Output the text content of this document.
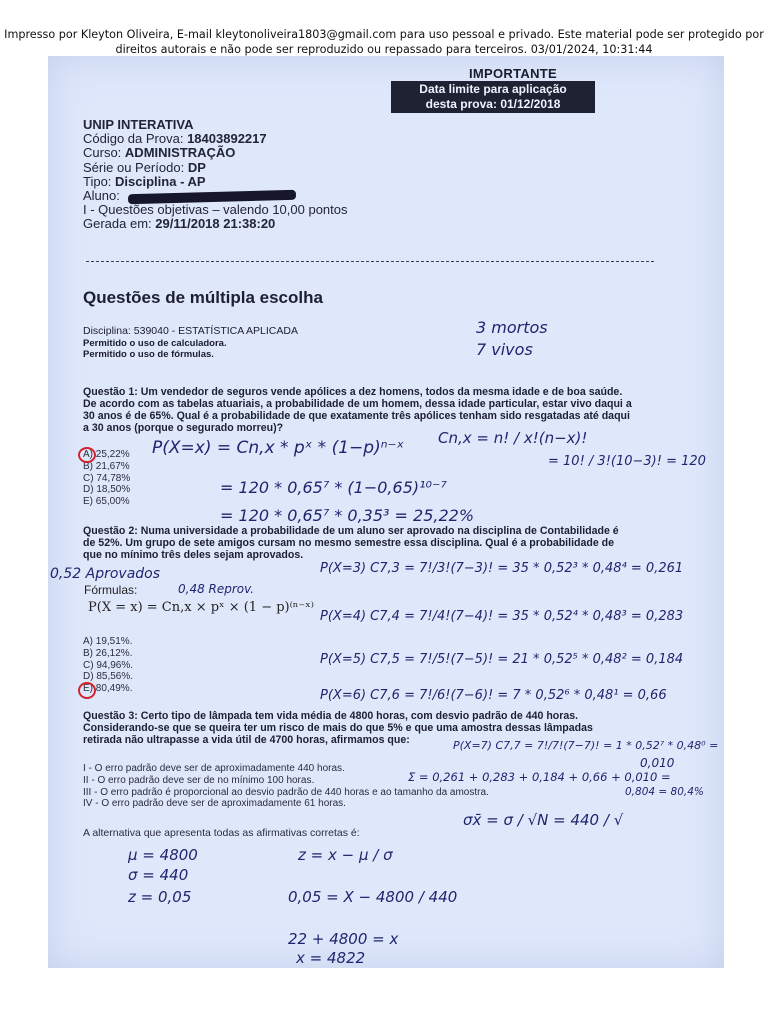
Impresso por Kleyton Oliveira, E-mail kleytonoliveira1803@gmail.com para uso pessoal e privado. Este material pode ser protegido por
direitos autorais e não pode ser reproduzido ou repassado para terceiros. 03/01/2024, 10:31:44
IMPORTANTE
Data limite para aplicação
desta prova: 01/12/2018
UNIP INTERATIVA
Código da Prova: 18403892217
Curso: ADMINISTRAÇÃO
Série ou Período: DP
Tipo: Disciplina - AP
Aluno:
I - Questões objetivas – valendo 10,00 pontos
Gerada em: 29/11/2018 21:38:20
Questões de múltipla escolha
Disciplina: 539040 - ESTATÍSTICA APLICADA
Permitido o uso de calculadora.
Permitido o uso de fórmulas.
3 mortos
7 vivos
Questão 1: Um vendedor de seguros vende apólices a dez homens, todos da mesma idade e de boa saúde.
De acordo com as tabelas atuariais, a probabilidade de um homem, dessa idade particular, estar vivo daqui a
30 anos é de 65%. Qual é a probabilidade de que exatamente três apólices tenham sido resgatadas até daqui
a 30 anos (porque o segurado morreu)?
A) 25,22%
B) 21,67%
C) 74,78%
D) 18,50%
E) 65,00%
P(X=x) = Cn,x * pˣ * (1−p)ⁿ⁻ˣ Cn,x = n! / x!(n−x)!
= 10! / 3!(10−3)! = 120
= 120 * 0,65⁷ * (1−0,65)¹⁰⁻⁷
= 120 * 0,65⁷ * 0,35³ = 25,22%
Questão 2: Numa universidade a probabilidade de um aluno ser aprovado na disciplina de Contabilidade é
de 52%. Um grupo de sete amigos cursam no mesmo semestre essa disciplina. Qual é a probabilidade de
que no mínimo três deles sejam aprovados.
0,52 Aprovados
Fórmulas:	0,48 Reprov.
P(X = x) = Cn,x × pˣ × (1 − p)⁽ⁿ⁻ˣ⁾
P(X=3) C7,3 = 7!/3!(7−3)! = 35 * 0,52³ * 0,48⁴ = 0,261
P(X=4) C7,4 = 7!/4!(7−4)! = 35 * 0,52⁴ * 0,48³ = 0,283
P(X=5) C7,5 = 7!/5!(7−5)! = 21 * 0,52⁵ * 0,48² = 0,184
P(X=6) C7,6 = 7!/6!(7−6)! = 7 * 0,52⁶ * 0,48¹ = 0,66
A) 19,51%.
B) 26,12%.
C) 94,96%.
D) 85,56%.
E) 80,49%.
Questão 3: Certo tipo de lâmpada tem vida média de 4800 horas, com desvio padrão de 440 horas.
Considerando-se que se queira ter um risco de mais do que 5% e que uma amostra dessas lâmpadas
retirada não ultrapasse a vida útil de 4700 horas, afirmamos que:	P(X=7) C7,7 = 7!/7!(7−7)! = 1 * 0,52⁷ * 0,48⁰ =
0,010
Σ = 0,261 + 0,283 + 0,184 + 0,66 + 0,010 =
0,804 = 80,4%
I - O erro padrão deve ser de aproximadamente 440 horas.
II - O erro padrão deve ser de no mínimo 100 horas.
III - O erro padrão é proporcional ao desvio padrão de 440 horas e ao tamanho da amostra.
IV - O erro padrão deve ser de aproximadamente 61 horas.
σx̄ = σ / √N = 440 / √
A alternativa que apresenta todas as afirmativas corretas é:
μ = 4800
σ = 440
z = 0,05
z = x − μ / σ
0,05 = X − 4800 / 440
22 + 4800 = x
x = 4822
